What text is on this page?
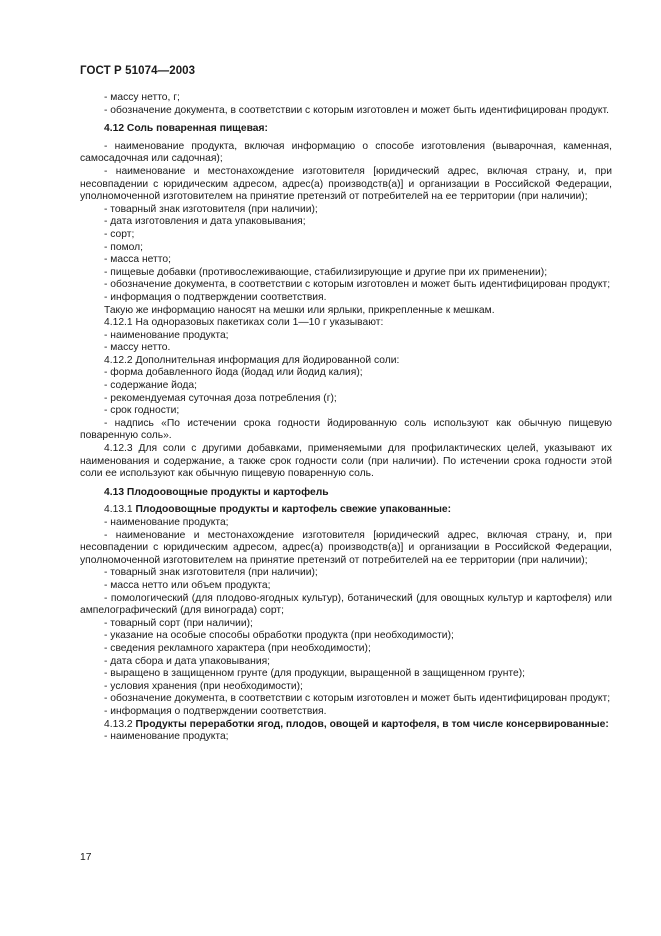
ГОСТ Р 51074—2003

- массу нетто, г;

- обозначение документа, в соответствии с которым изготовлен и может быть идентифицирован продукт.

4.12 Соль поваренная пищевая:

- наименование продукта, включая информацию о способе изготовления (выварочная, каменная, самосадочная или садочная);

- наименование и местонахождение изготовителя [юридический адрес, включая страну, и, при несовпадении с юридическим адресом, адрес(а) производств(а)] и организации в Российской Федерации, уполномоченной изготовителем на принятие претензий от потребителей на ее территории (при наличии);

- товарный знак изготовителя (при наличии);

- дата изготовления и дата упаковывания;

- сорт;

- помол;

- масса нетто;

- пищевые добавки (противослеживающие, стабилизирующие и другие при их применении);

- обозначение документа, в соответствии с которым изготовлен и может быть идентифицирован продукт;

- информация о подтверждении соответствия.

Такую же информацию наносят на мешки или ярлыки, прикрепленные к мешкам.

4.12.1 На одноразовых пакетиках соли 1—10 г указывают:

- наименование продукта;

- массу нетто.

4.12.2 Дополнительная информация для йодированной соли:

- форма добавленного йода (йодад или йодид калия);

- содержание йода;

- рекомендуемая суточная доза потребления (г);

- срок годности;

- надпись «По истечении срока годности йодированную соль используют как обычную пищевую поваренную соль».

4.12.3 Для соли с другими добавками, применяемыми для профилактических целей, указывают их наименования и содержание, а также срок годности соли (при наличии). По истечении срока годности этой соли ее используют как обычную пищевую поваренную соль.

4.13 Плодоовощные продукты и картофель

4.13.1 Плодоовощные продукты и картофель свежие упакованные:

- наименование продукта;

- наименование и местонахождение изготовителя [юридический адрес, включая страну, и, при несовпадении с юридическим адресом, адрес(а) производств(а)] и организации в Российской Федерации, уполномоченной изготовителем на принятие претензий от потребителей на ее территории (при наличии);

- товарный знак изготовителя (при наличии);

- масса нетто или объем продукта;

- помологический (для плодово-ягодных культур), ботанический (для овощных культур и картофеля) или ампелографический (для винограда) сорт;

- товарный сорт (при наличии);

- указание на особые способы обработки продукта (при необходимости);

- сведения рекламного характера (при необходимости);

- дата сбора и дата упаковывания;

- выращено в защищенном грунте (для продукции, выращенной в защищенном грунте);

- условия хранения (при необходимости);

- обозначение документа, в соответствии с которым изготовлен и может быть идентифицирован продукт;

- информация о подтверждении соответствия.

4.13.2 Продукты переработки ягод, плодов, овощей и картофеля, в том числе консервированные:

- наименование продукта;

17
